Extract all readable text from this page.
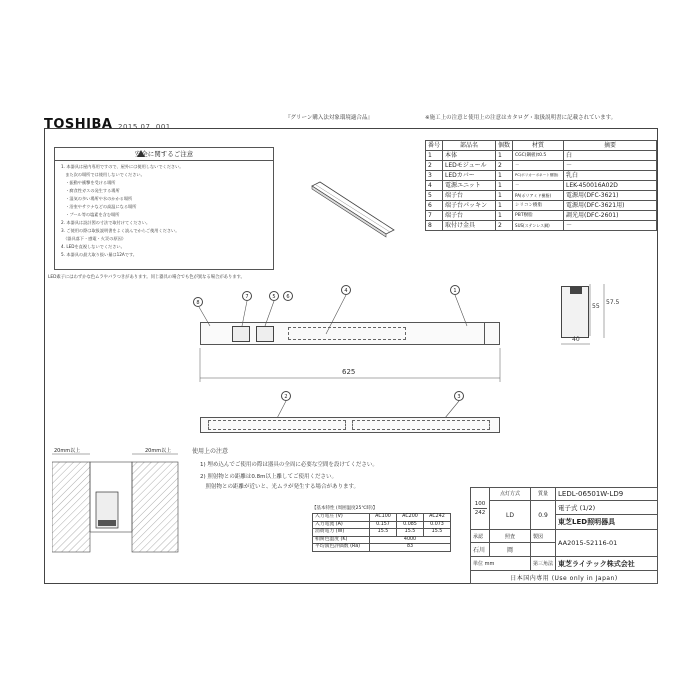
TOSHIBA 2015.07. 001
『グリーン購入法対象環境適合品』	※施工上の注意と使用上の注意はカタログ・取扱説明書に記載されています。
安全に関するご注意
1. 本器具は屋内専用ですので、屋外には使用しないでください。
　また次の場所では使用しないでください。
　・振動や衝撃を受ける場所
　・腐食性ガスの発生する場所
　・湿気の多い場所や水のかかる場所
　・浴室やサウナなどの高温になる場所
　・プール等の塩素を含む場所
2. 本器具は設計図の寸法で取付けてください。
3. ご使用の際は取扱説明書をよく読んでからご使用ください。
　（器具落下・感電・火災の原因）
4. LEDを直視しないでください。
5. 本器具の最大取り扱い量は12Aです。
LED素子にはわずかな色ムラやバラつきがあります。同じ器具の場合でも色が異なる場合があります。
番号	部品名	個数	材質	摘要
1	本体	1	CGC(鋼板)t0.5	白
2	LEDモジュール	2	－	－
3	LEDカバー	1	PC(ポリカーボネート樹脂)	乳白
4	電源ユニット	1	－	LEK-450016A02D
5	端子台	1	PA(ポリアミド樹脂)	電源用(DFC-3621)
6	端子台パッキン	1	シリコン樹脂	電源用(DFC-3621用)
7	端子台	1	PBT樹脂	調光用(DFC-2601)
8	取付け金具	2	SUS(ステンレス鋼)	－
8
7	5	6
4	1
2	3
625
55
57.5
40
20mm以上	20mm以上	使用上の注意
1) 埋め込んでご使用の際は器具の全周に必要な空間を設けてください。
2) 照射物との距離は0.8m以上離してご使用ください。
　照射物との距離が近いと、光ムラが発生する場合があります。
【基本特性 (周囲温度25℃時)】
入力電圧 (V)	AC100	AC200	AC242
入力電流 (A)	0.157	0.085	0.073
消費電力 (W)	15.5	15.5	15.5
相関色温度 (K)	4000		
平均演色評価数 (Ra)	83		
100
242	点灯方式	質量	LEDL-06501W-LD9
	LD	0.9	電子式 (1/2)
			東芝LED照明器具
承認	照査	製図	AA2015-52116-01
石川	岡		
単位 mm		第三角法	東芝ライテック株式会社
日本国内専用 (Use only in Japan)			
